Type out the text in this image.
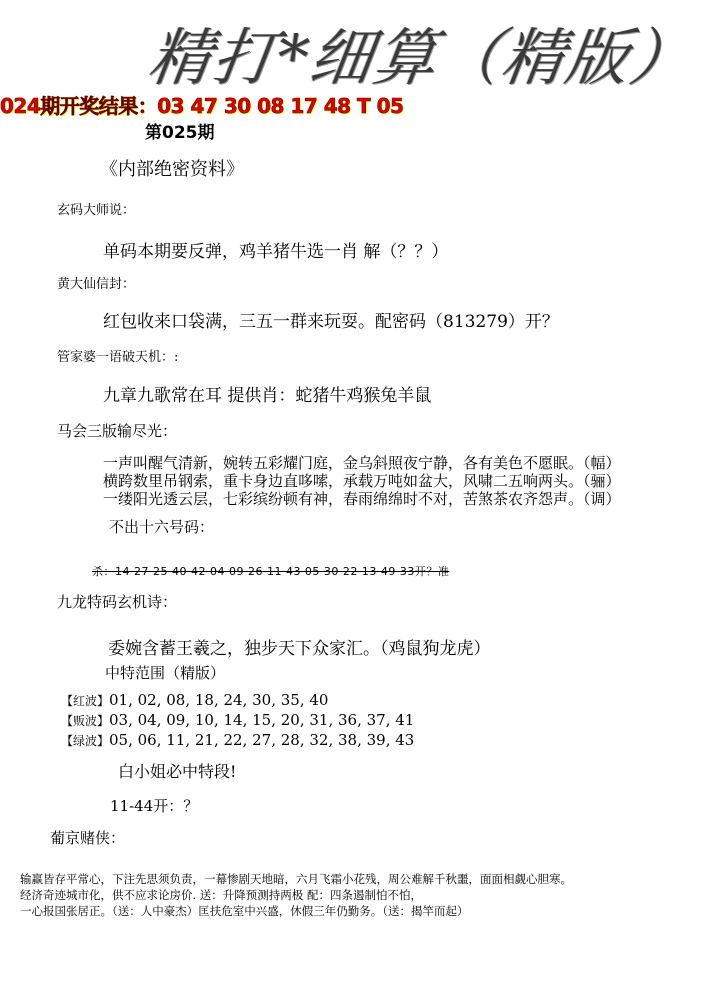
精打*细算（精版）
024期开奖结果：03 47 30 08 17 48 T 05
第025期
《内部绝密资料》
玄码大师说：
单码本期要反弹，鸡羊猪牛选一肖 解（？？）
黄大仙信封：
红包收来口袋满，三五一群来玩耍。配密码（813279）开？
管家婆一语破天机：:
九章九歌常在耳 提供肖：蛇猪牛鸡猴兔羊鼠
马会三版输尽光：
一声叫醒气清新，婉转五彩耀门庭，金乌斜照夜宁静，各有美色不愿眠。（幅）
横跨数里吊钢索，重卡身边直哆嗦，承载万吨如盆大，风啸二五响两头。（骊）
一缕阳光透云层，七彩缤纷顿有神，春雨绵绵时不对，苦煞茶农齐怨声。（调）
不出十六号码：
杀：14 27 25 40 42 04 09 26 11 43 05 30 22 13 49 33开？准
九龙特码玄机诗：
委婉含蓄王羲之，独步天下众家汇。（鸡鼠狗龙虎）
中特范围（精版）
【红波】01, 02, 08, 18, 24, 30, 35, 40
【贩波】03, 04, 09, 10, 14, 15, 20, 31, 36, 37, 41
【绿波】05, 06, 11, 21, 22, 27, 28, 32, 38, 39, 43
白小姐必中特段!
11-44开：？
葡京赌侠：
输赢皆存平常心，下注先思须负责，一幕惨剧天地暗，六月飞霜小花残，周公难解千秋噩，面面相觑心胆寒。
经济奇迹城市化，供不应求论房价. 送：升降预测持两极 配：四条遏制怕不怕，
一心报国张居正。（送：人中豪杰）匡扶危室中兴盛，休假三年仍勤务。（送：揭竿而起）
